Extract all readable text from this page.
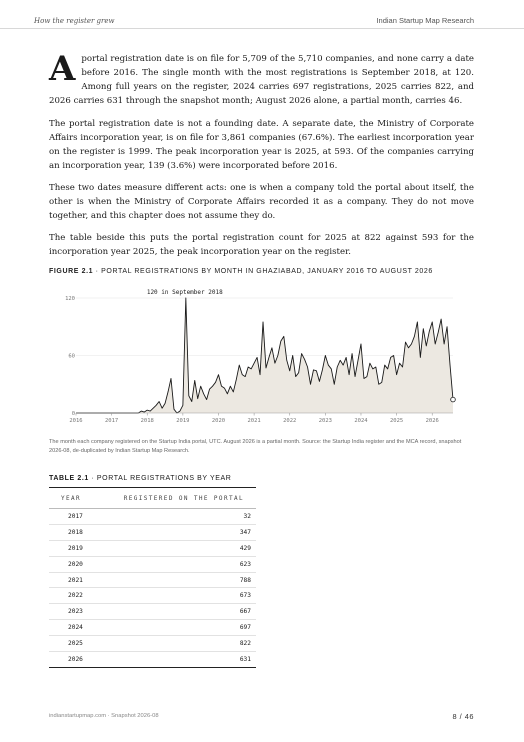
How the register grew	Indian Startup Map Research

Aportal registration date is on file for 5,709 of the 5,710 companies, and none carry a date before 2016. The single month with the most registrations is September 2018, at 120. Among full years on the register, 2024 carries 697 registrations, 2025 carries 822, and 2026 carries 631 through the snapshot month; August 2026 alone, a partial month, carries 46.

The portal registration date is not a founding date. A separate date, the Ministry of Corporate Affairs incorporation year, is on file for 3,861 companies (67.6%). The earliest incorporation year on the register is 1999. The peak incorporation year is 2025, at 593. Of the companies carrying an incorporation year, 139 (3.6%) were incorporated before 2016.

These two dates measure different acts: one is when a company told the portal about itself, the other is when the Ministry of Corporate Affairs recorded it as a company. They do not move together, and this chapter does not assume they do.

The table beside this puts the portal registration count for 2025 at 822 against 593 for the incorporation year 2025, the peak incorporation year on the register.

FIGURE 2.1 · PORTAL REGISTRATIONS BY MONTH IN GHAZIABAD, JANUARY 2016 TO AUGUST 2026
0
60
120
2016	2017	2018	2019	2020	2021	2022	2023	2024	2025	2026
120 in September 2018
The month each company registered on the Startup India portal, UTC. August 2026 is a partial month. Source: the Startup India register and the MCA record, snapshot 2026-08, de-duplicated by Indian Startup Map Research.
TABLE 2.1 · PORTAL REGISTRATIONS BY YEAR
YEAR	REGISTERED ON THE PORTAL
2017	32
2018	347
2019	429
2020	623
2021	788
2022	673
2023	667
2024	697
2025	822
2026	631
indianstartupmap.com · Snapshot 2026-08	8 / 46
